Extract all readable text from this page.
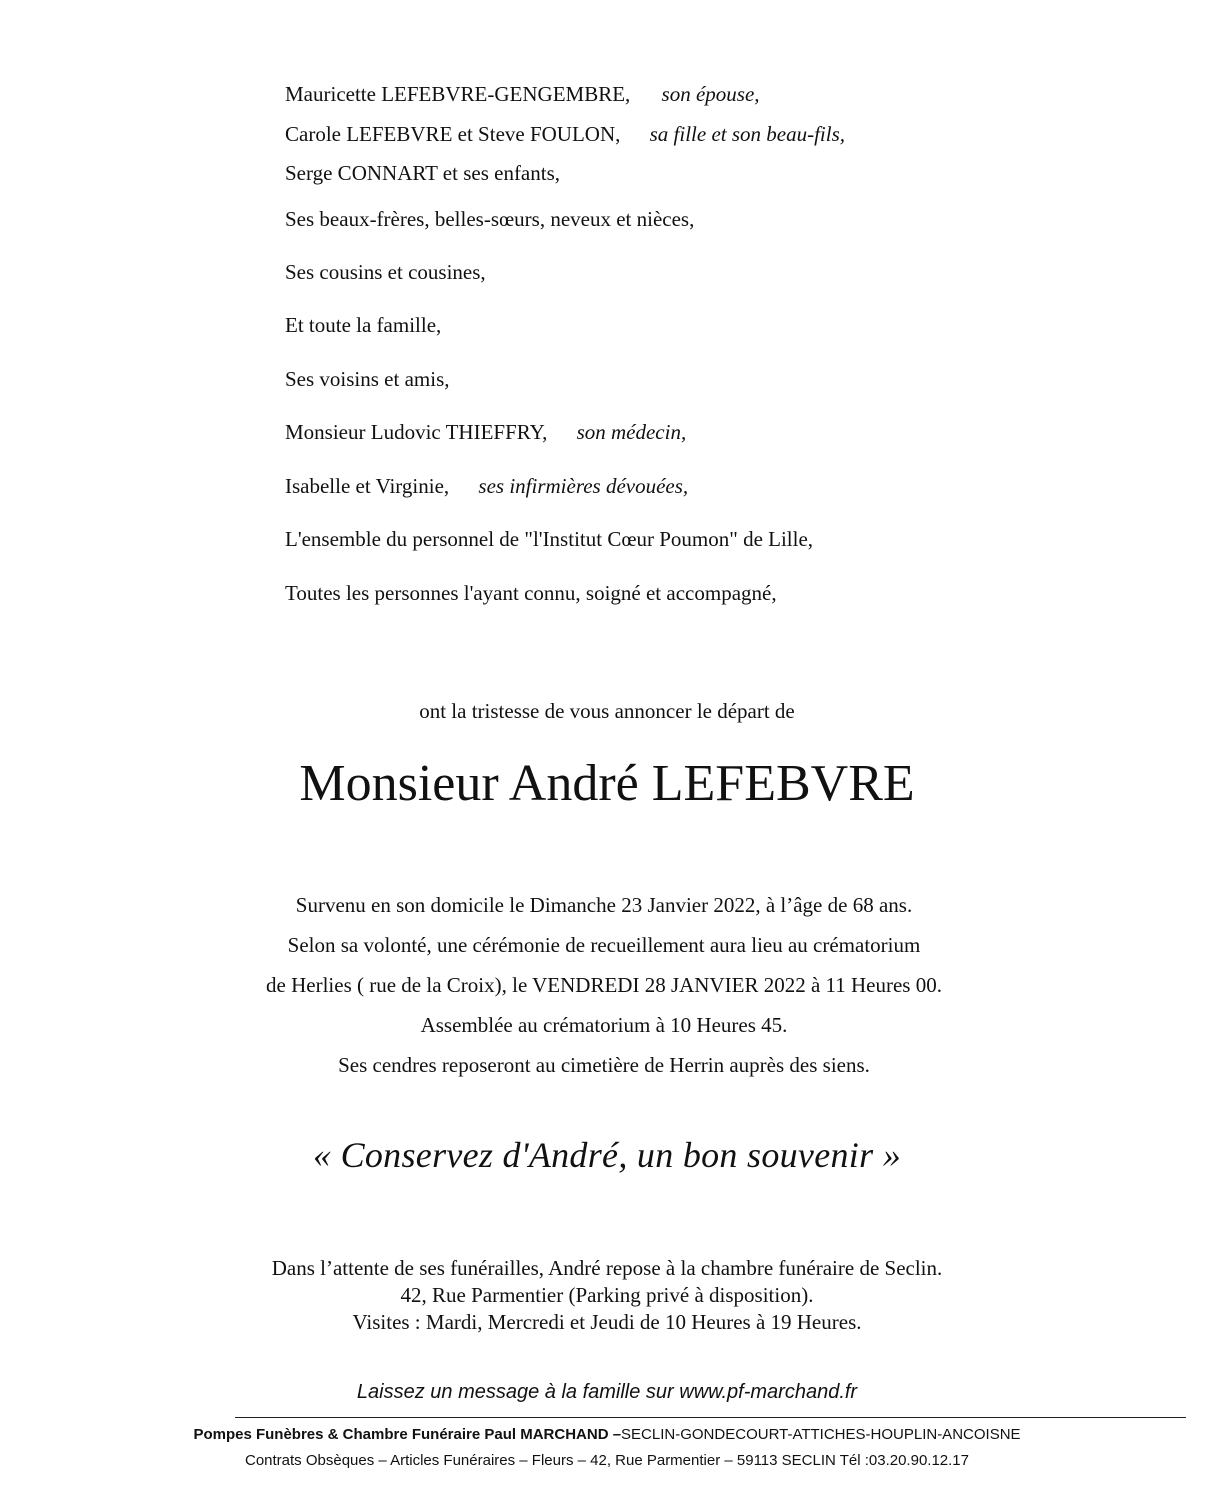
Mauricette LEFEBVRE-GENGEMBRE, son épouse,
Carole LEFEBVRE et Steve FOULON, sa fille et son beau-fils,
Serge CONNART et ses enfants,
Ses beaux-frères, belles-sœurs, neveux et nièces,
Ses cousins et cousines,
Et toute la famille,
Ses voisins et amis,
Monsieur Ludovic THIEFFRY, son médecin,
Isabelle et Virginie, ses infirmières dévouées,
L'ensemble du personnel de "l'Institut Cœur Poumon" de Lille,
Toutes les personnes l'ayant connu, soigné et accompagné,
ont la tristesse de vous annoncer le départ de
Monsieur André LEFEBVRE
Survenu en son domicile le Dimanche 23 Janvier 2022, à l’âge de 68 ans.
Selon sa volonté, une cérémonie de recueillement aura lieu au crématorium
de Herlies ( rue de la Croix), le VENDREDI 28 JANVIER 2022 à 11 Heures 00.
Assemblée au crématorium à 10 Heures 45.
Ses cendres reposeront au cimetière de Herrin auprès des siens.
« Conservez d'André, un bon souvenir »
Dans l’attente de ses funérailles, André repose à la chambre funéraire de Seclin.
42, Rue Parmentier (Parking privé à disposition).
Visites : Mardi, Mercredi et Jeudi de 10 Heures à 19 Heures.
Laissez un message à la famille sur www.pf-marchand.fr
Pompes Funèbres & Chambre Funéraire Paul MARCHAND –SECLIN-GONDECOURT-ATTICHES-HOUPLIN-ANCOISNE
Contrats Obsèques – Articles Funéraires – Fleurs – 42, Rue Parmentier – 59113 SECLIN Tél :03.20.90.12.17
